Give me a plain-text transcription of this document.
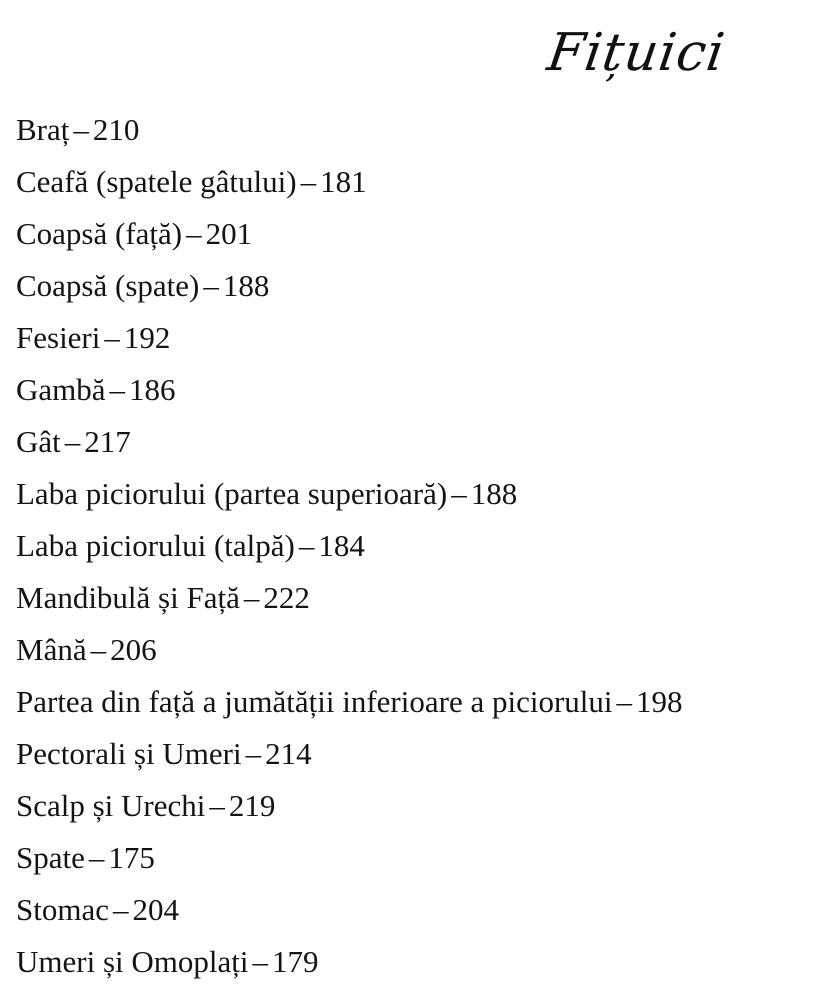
Fițuici
Braț – 210
Ceafă (spatele gâtului) – 181
Coapsă (față) – 201
Coapsă (spate) – 188
Fesieri – 192
Gambă – 186
Gât – 217
Laba piciorului (partea superioară) – 188
Laba piciorului (talpă) – 184
Mandibulă și Față – 222
Mână – 206
Partea din față a jumătății inferioare a piciorului – 198
Pectorali și Umeri – 214
Scalp și Urechi – 219
Spate – 175
Stomac – 204
Umeri și Omoplați – 179
